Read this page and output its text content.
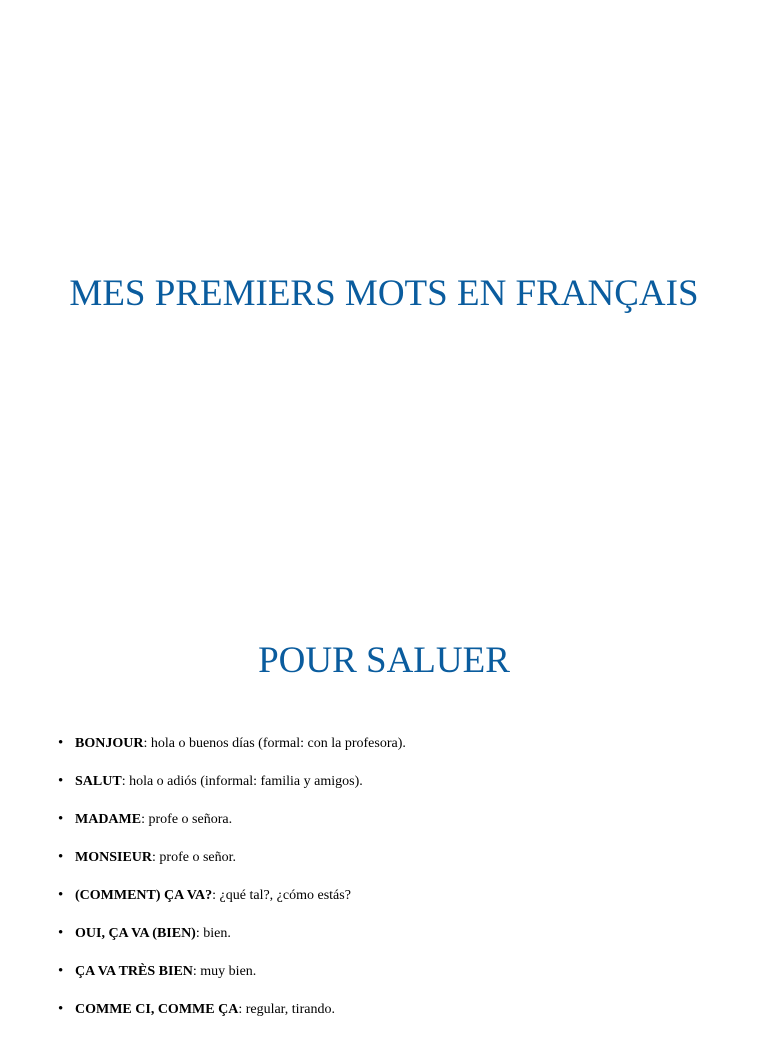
MES PREMIERS MOTS EN FRANÇAIS
POUR SALUER
• BONJOUR: hola o buenos días (formal: con la profesora).
• SALUT: hola o adiós (informal: familia y amigos).
• MADAME: profe o señora.
• MONSIEUR: profe o señor.
• (COMMENT) ÇA VA?: ¿qué tal?, ¿cómo estás?
• OUI, ÇA VA (BIEN): bien.
• ÇA VA TRÈS BIEN: muy bien.
• COMME CI, COMME ÇA: regular, tirando.
